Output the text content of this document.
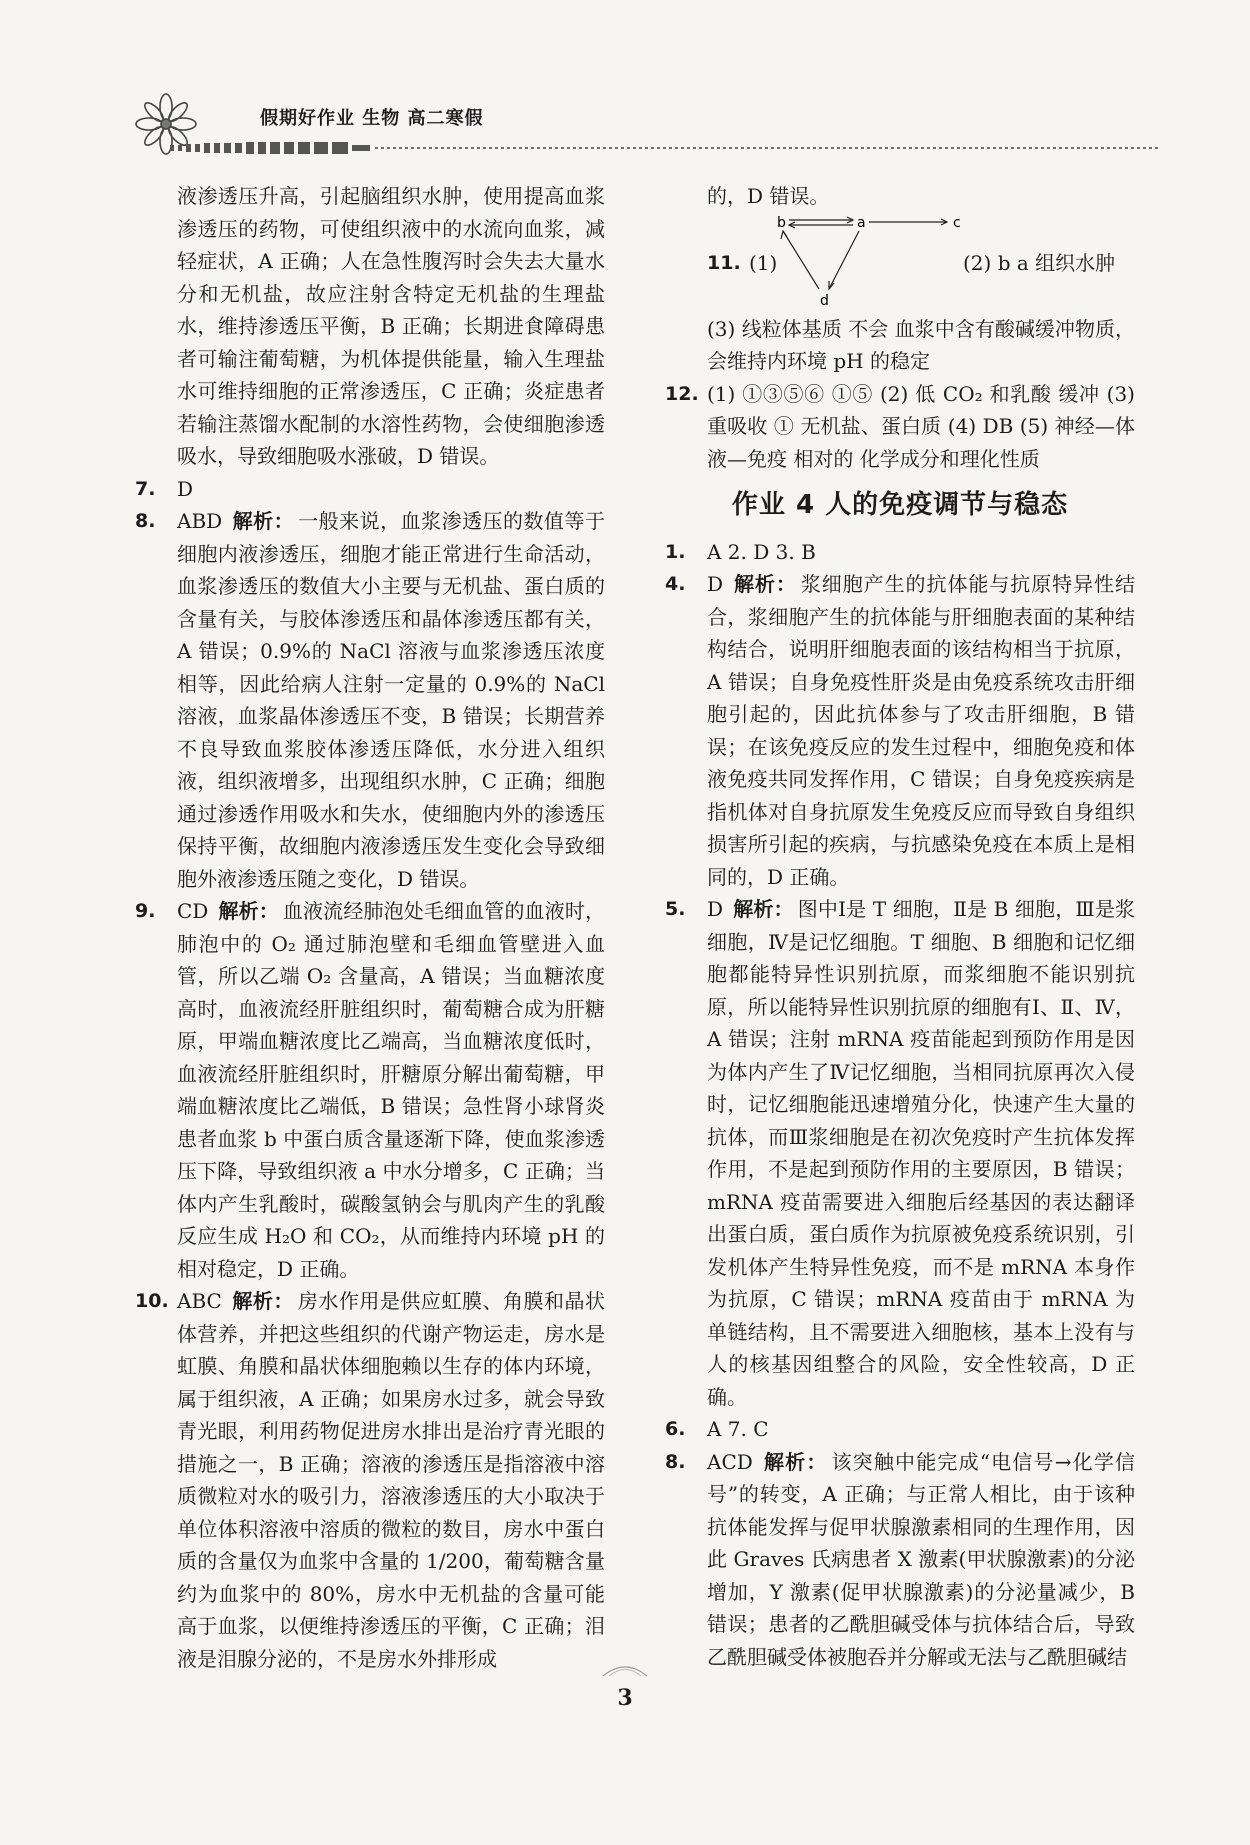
假期好作业 生物 高二寒假
液渗透压升高，引起脑组织水肿，使用提高血浆渗透压的药物，可使组织液中的水流向血浆，减轻症状，A 正确；人在急性腹泻时会失去大量水分和无机盐，故应注射含特定无机盐的生理盐水，维持渗透压平衡，B 正确；长期进食障碍患者可输注葡萄糖，为机体提供能量，输入生理盐水可维持细胞的正常渗透压，C 正确；炎症患者若输注蒸馏水配制的水溶性药物，会使细胞渗透吸水，导致细胞吸水涨破，D 错误。
7. D
8. ABD 解析： 一般来说，血浆渗透压的数值等于细胞内液渗透压，细胞才能正常进行生命活动，血浆渗透压的数值大小主要与无机盐、蛋白质的含量有关，与胶体渗透压和晶体渗透压都有关，A 错误；0.9%的 NaCl 溶液与血浆渗透压浓度相等，因此给病人注射一定量的 0.9%的 NaCl 溶液，血浆晶体渗透压不变，B 错误；长期营养不良导致血浆胶体渗透压降低，水分进入组织液，组织液增多，出现组织水肿，C 正确；细胞通过渗透作用吸水和失水，使细胞内外的渗透压保持平衡，故细胞内液渗透压发生变化会导致细胞外液渗透压随之变化，D 错误。
9. CD 解析： 血液流经肺泡处毛细血管的血液时，肺泡中的 O₂ 通过肺泡壁和毛细血管壁进入血管，所以乙端 O₂ 含量高，A 错误；当血糖浓度高时，血液流经肝脏组织时，葡萄糖合成为肝糖原，甲端血糖浓度比乙端高，当血糖浓度低时，血液流经肝脏组织时，肝糖原分解出葡萄糖，甲端血糖浓度比乙端低，B 错误；急性肾小球肾炎患者血浆 b 中蛋白质含量逐渐下降，使血浆渗透压下降，导致组织液 a 中水分增多，C 正确；当体内产生乳酸时，碳酸氢钠会与肌肉产生的乳酸反应生成 H₂O 和 CO₂，从而维持内环境 pH 的相对稳定，D 正确。
10. ABC 解析： 房水作用是供应虹膜、角膜和晶状体营养，并把这些组织的代谢产物运走，房水是虹膜、角膜和晶状体细胞赖以生存的体内环境，属于组织液，A 正确；如果房水过多，就会导致青光眼，利用药物促进房水排出是治疗青光眼的措施之一，B 正确；溶液的渗透压是指溶液中溶质微粒对水的吸引力，溶液渗透压的大小取决于单位体积溶液中溶质的微粒的数目，房水中蛋白质的含量仅为血浆中含量的 1/200，葡萄糖含量约为血浆中的 80%，房水中无机盐的含量可能高于血浆，以便维持渗透压的平衡，C 正确；泪液是泪腺分泌的，不是房水外排形成
的，D 错误。
11. (1)
b	a	c
d
(2) b a 组织水肿
(3) 线粒体基质 不会 血浆中含有酸碱缓冲物质，会维持内环境 pH 的稳定
12. (1) ①③⑤⑥ ①⑤ (2) 低 CO₂ 和乳酸 缓冲 (3) 重吸收 ① 无机盐、蛋白质 (4) DB (5) 神经—体液—免疫 相对的 化学成分和理化性质
作业 4 人的免疫调节与稳态
1. A 2. D 3. B
4. D 解析： 浆细胞产生的抗体能与抗原特异性结合，浆细胞产生的抗体能与肝细胞表面的某种结构结合，说明肝细胞表面的该结构相当于抗原，A 错误；自身免疫性肝炎是由免疫系统攻击肝细胞引起的，因此抗体参与了攻击肝细胞，B 错误；在该免疫反应的发生过程中，细胞免疫和体液免疫共同发挥作用，C 错误；自身免疫疾病是指机体对自身抗原发生免疫反应而导致自身组织损害所引起的疾病，与抗感染免疫在本质上是相同的，D 正确。
5. D 解析： 图中Ⅰ是 T 细胞，Ⅱ是 B 细胞，Ⅲ是浆细胞，Ⅳ是记忆细胞。T 细胞、B 细胞和记忆细胞都能特异性识别抗原，而浆细胞不能识别抗原，所以能特异性识别抗原的细胞有Ⅰ、Ⅱ、Ⅳ，A 错误；注射 mRNA 疫苗能起到预防作用是因为体内产生了Ⅳ记忆细胞，当相同抗原再次入侵时，记忆细胞能迅速增殖分化，快速产生大量的抗体，而Ⅲ浆细胞是在初次免疫时产生抗体发挥作用，不是起到预防作用的主要原因，B 错误；mRNA 疫苗需要进入细胞后经基因的表达翻译出蛋白质，蛋白质作为抗原被免疫系统识别，引发机体产生特异性免疫，而不是 mRNA 本身作为抗原，C 错误；mRNA 疫苗由于 mRNA 为单链结构，且不需要进入细胞核，基本上没有与人的核基因组整合的风险，安全性较高，D 正确。
6. A 7. C
8. ACD 解析： 该突触中能完成“电信号→化学信号”的转变，A 正确；与正常人相比，由于该种抗体能发挥与促甲状腺激素相同的生理作用，因此 Graves 氏病患者 X 激素(甲状腺激素)的分泌增加，Y 激素(促甲状腺激素)的分泌量减少，B 错误；患者的乙酰胆碱受体与抗体结合后，导致乙酰胆碱受体被胞吞并分解或无法与乙酰胆碱结
3
